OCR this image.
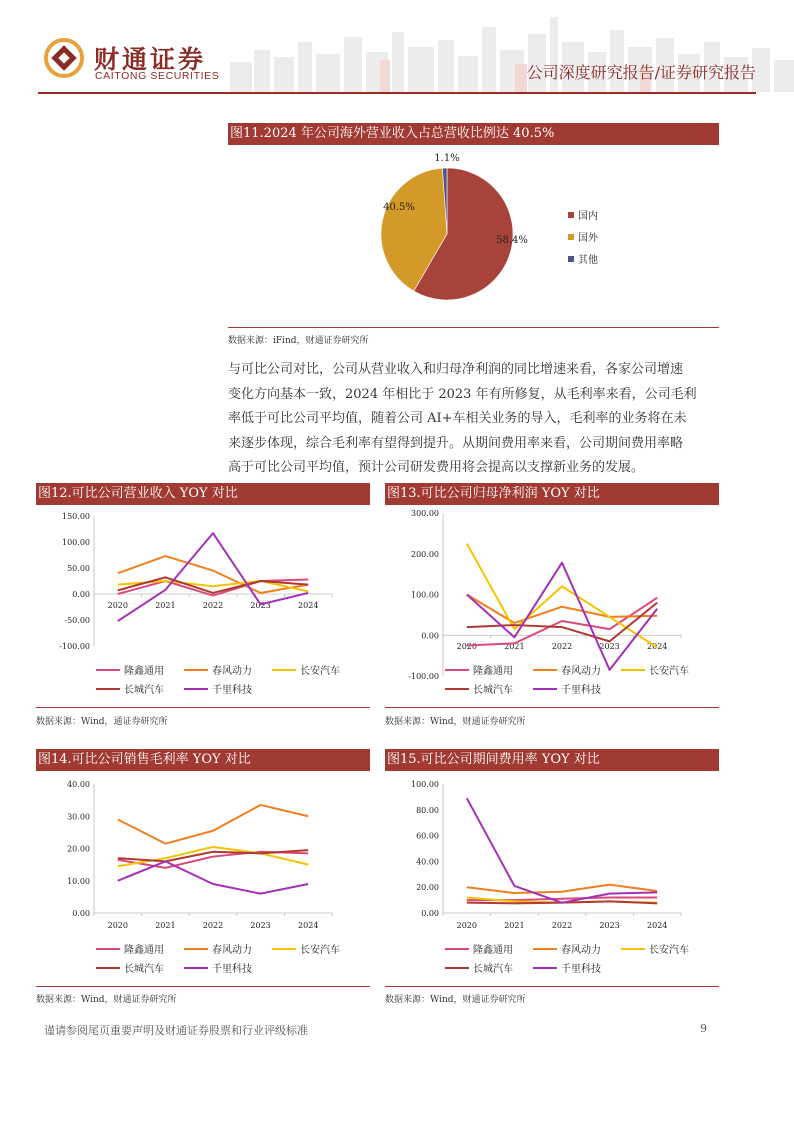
财通证券
CAITONG SECURITIES	公司深度研究报告/证券研究报告
图11.2024 年公司海外营业收入占总营收比例达 40.5%
58.4%
40.5%
1.1%
国内
国外
其他
数据来源：iFind，财通证券研究所
与可比公司对比，公司从营业收入和归母净利润的同比增速来看，各家公司增速
变化方向基本一致，2024 年相比于 2023 年有所修复，从毛利率来看，公司毛利
率低于可比公司平均值，随着公司 AI+车相关业务的导入，毛利率的业务将在未
来逐步体现，综合毛利率有望得到提升。从期间费用率来看，公司期间费用率略
高于可比公司平均值，预计公司研发费用将会提高以支撑新业务的发展。
图12.可比公司营业收入 YOY 对比
150.00
100.00
50.00
0.00
-50.00
-100.00
2020	2021	2022	2023	2024
隆鑫通用	春风动力	长安汽车
长城汽车	千里科技
数据来源：Wind，通证券研究所
图13.可比公司归母净利润 YOY 对比
300.00
200.00
100.00
0.00
-100.00
2020	2021	2022	2023	2024
隆鑫通用	春风动力	长安汽车
长城汽车	千里科技
数据来源：Wind，财通证券研究所
图14.可比公司销售毛利率 YOY 对比
40.00
30.00
20.00
10.00
0.00
2020	2021	2022	2023	2024
隆鑫通用	春风动力	长安汽车
长城汽车	千里科技
数据来源：Wind，财通证券研究所
图15.可比公司期间费用率 YOY 对比
100.00
80.00
60.00
40.00
20.00
0.00
2020	2021	2022	2023	2024
隆鑫通用	春风动力	长安汽车
长城汽车	千里科技
数据来源：Wind，财通证券研究所
谨请参阅尾页重要声明及财通证券股票和行业评级标准	9
